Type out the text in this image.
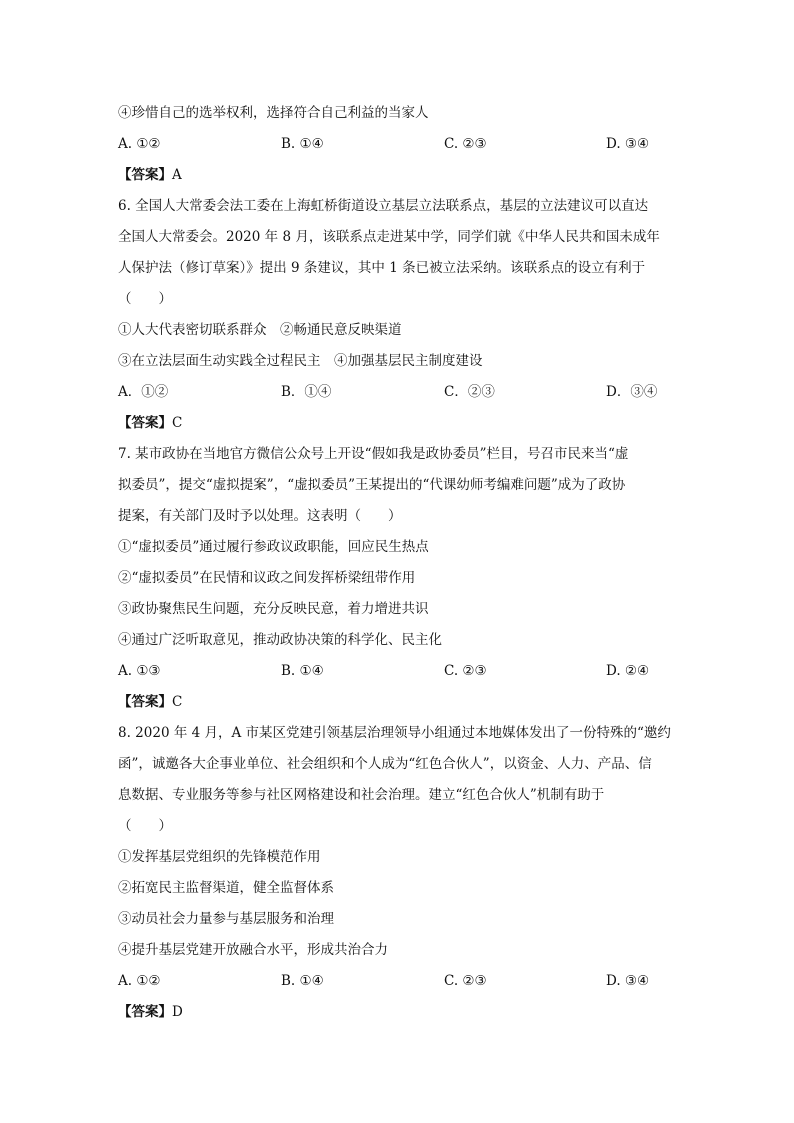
④珍惜自己的选举权利，选择符合自己利益的当家人
A. ①②	B. ①④	C. ②③	D. ③④
【答案】A
6. 全国人大常委会法工委在上海虹桥街道设立基层立法联系点，基层的立法建议可以直达
全国人大常委会。2020 年 8 月，该联系点走进某中学，同学们就《中华人民共和国未成年
人保护法（修订草案）》提出 9 条建议，其中 1 条已被立法采纳。该联系点的设立有利于
（　　）
①人大代表密切联系群众　②畅通民意反映渠道
③在立法层面生动实践全过程民主　④加强基层民主制度建设
A．①②	B．①④	C．②③	D．③④
【答案】C
7. 某市政协在当地官方微信公众号上开设“假如我是政协委员”栏目，号召市民来当“虚
拟委员”，提交“虚拟提案”，“虚拟委员”王某提出的“代课幼师考编难问题”成为了政协
提案，有关部门及时予以处理。这表明（　　）
①“虚拟委员”通过履行参政议政职能，回应民生热点
②“虚拟委员”在民情和议政之间发挥桥梁纽带作用
③政协聚焦民生问题，充分反映民意，着力增进共识
④通过广泛听取意见，推动政协决策的科学化、民主化
A. ①③	B. ①④	C. ②③	D. ②④
【答案】C
8. 2020 年 4 月，A 市某区党建引领基层治理领导小组通过本地媒体发出了一份特殊的“邀约
函”，诚邀各大企事业单位、社会组织和个人成为“红色合伙人”，以资金、人力、产品、信
息数据、专业服务等参与社区网格建设和社会治理。建立“红色合伙人”机制有助于
（　　）
①发挥基层党组织的先锋模范作用
②拓宽民主监督渠道，健全监督体系
③动员社会力量参与基层服务和治理
④提升基层党建开放融合水平，形成共治合力
A. ①②	B. ①④	C. ②③	D. ③④
【答案】D
